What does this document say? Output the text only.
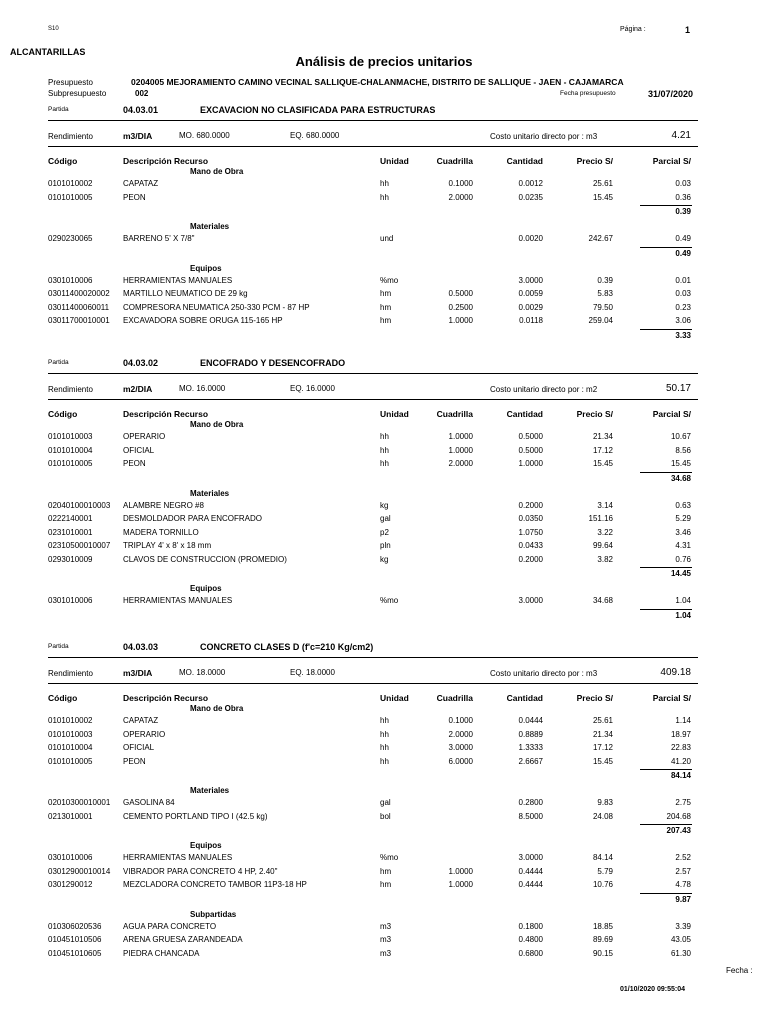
S10	Página :	1
ALCANTARILLAS
Análisis de precios unitarios
Presupuesto	0204005 MEJORAMIENTO CAMINO VECINAL SALLIQUE-CHALANMACHE, DISTRITO DE SALLIQUE - JAEN - CAJAMARCA
Subpresupuesto	002	Fecha presupuesto	31/07/2020
Partida	04.03.01	EXCAVACION NO CLASIFICADA PARA ESTRUCTURAS
Rendimiento	m3/DIA	MO. 680.0000	EQ. 680.0000	Costo unitario directo por : m3	4.21
Código	Descripción Recurso	Unidad	Cuadrilla	Cantidad	Precio S/	Parcial S/
Mano de Obra
0101010002	CAPATAZ	hh	0.1000	0.0012	25.61	0.03
0101010005	PEON	hh	2.0000	0.0235	15.45	0.36
0.39
Materiales
0290230065	BARRENO 5' X 7/8"	und	0.0020	242.67	0.49
0.49
Equipos
0301010006	HERRAMIENTAS MANUALES	%mo	3.0000	0.39	0.01
03011400020002 MARTILLO NEUMATICO DE 29 kg	hm	0.5000	0.0059	5.83	0.03
03011400060011 COMPRESORA NEUMATICA 250-330 PCM - 87 HP	hm	0.2500	0.0029	79.50	0.23
03011700010001 EXCAVADORA SOBRE ORUGA 115-165 HP	hm	1.0000	0.0118	259.04	3.06
3.33
Partida	04.03.02	ENCOFRADO Y DESENCOFRADO
Rendimiento	m2/DIA	MO. 16.0000	EQ. 16.0000	Costo unitario directo por : m2	50.17
Código	Descripción Recurso	Unidad	Cuadrilla	Cantidad	Precio S/	Parcial S/
Mano de Obra
0101010003	OPERARIO	hh	1.0000	0.5000	21.34	10.67
0101010004	OFICIAL	hh	1.0000	0.5000	17.12	8.56
0101010005	PEON	hh	2.0000	1.0000	15.45	15.45
34.68
Materiales
02040100010003 ALAMBRE NEGRO #8	kg	0.2000	3.14	0.63
0222140001	DESMOLDADOR PARA ENCOFRADO	gal	0.0350	151.16	5.29
0231010001	MADERA TORNILLO	p2	1.0750	3.22	3.46
02310500010007 TRIPLAY 4' x 8' x 18 mm	pln	0.0433	99.64	4.31
0293010009	CLAVOS DE CONSTRUCCION (PROMEDIO)	kg	0.2000	3.82	0.76
14.45
Equipos
0301010006	HERRAMIENTAS MANUALES	%mo	3.0000	34.68	1.04
1.04
Partida	04.03.03	CONCRETO CLASES D (f'c=210 Kg/cm2)
Rendimiento	m3/DIA	MO. 18.0000	EQ. 18.0000	Costo unitario directo por : m3	409.18
Código	Descripción Recurso	Unidad	Cuadrilla	Cantidad	Precio S/	Parcial S/
Mano de Obra
0101010002	CAPATAZ	hh	0.1000	0.0444	25.61	1.14
0101010003	OPERARIO	hh	2.0000	0.8889	21.34	18.97
0101010004	OFICIAL	hh	3.0000	1.3333	17.12	22.83
0101010005	PEON	hh	6.0000	2.6667	15.45	41.20
84.14
Materiales
02010300010001 GASOLINA 84	gal	0.2800	9.83	2.75
0213010001	CEMENTO PORTLAND TIPO I (42.5 kg)	bol	8.5000	24.08	204.68
207.43
Equipos
0301010006	HERRAMIENTAS MANUALES	%mo	3.0000	84.14	2.52
03012900010014 VIBRADOR PARA CONCRETO 4 HP, 2.40"	hm	1.0000	0.4444	5.79	2.57
0301290012	MEZCLADORA CONCRETO TAMBOR 11P3-18 HP	hm	1.0000	0.4444	10.76	4.78
9.87
Subpartidas
010306020536	AGUA PARA CONCRETO	m3	0.1800	18.85	3.39
010451010506	ARENA GRUESA ZARANDEADA	m3	0.4800	89.69	43.05
010451010605	PIEDRA CHANCADA	m3	0.6800	90.15	61.30
Fecha :
01/10/2020 09:55:04
